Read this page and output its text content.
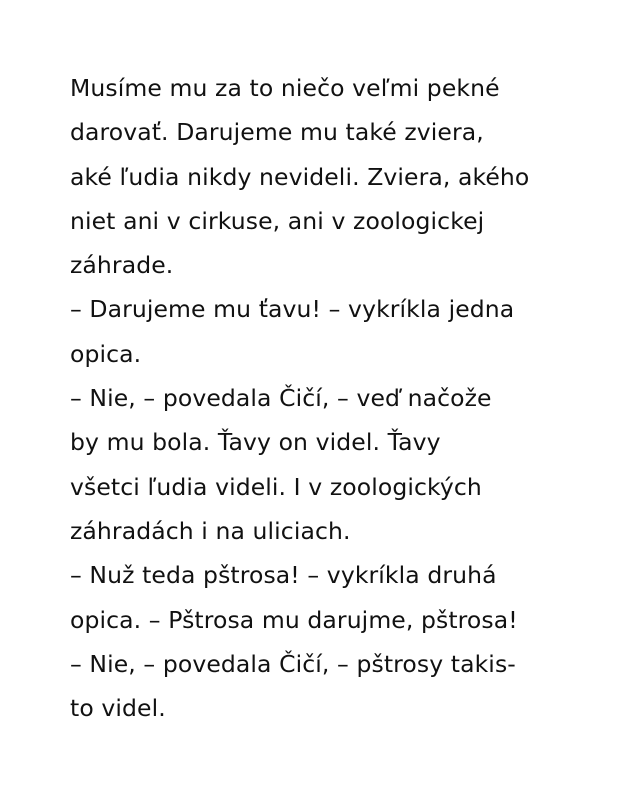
Musíme mu za to niečo veľmi pekné
darovať. Darujeme mu také zviera,
aké ľudia nikdy nevideli. Zviera, akého
niet ani v cirkuse, ani v zoologickej
záhrade.
– Darujeme mu ťavu! – vykríkla jedna
opica.
– Nie, – povedala Čičí, – veď načože
by mu bola. Ťavy on videl. Ťavy
všetci ľudia videli. I v zoologických
záhradách i na uliciach.
– Nuž teda pštrosa! – vykríkla druhá
opica. – Pštrosa mu darujme, pštrosa!
– Nie, – povedala Čičí, – pštrosy takis-
to videl.
